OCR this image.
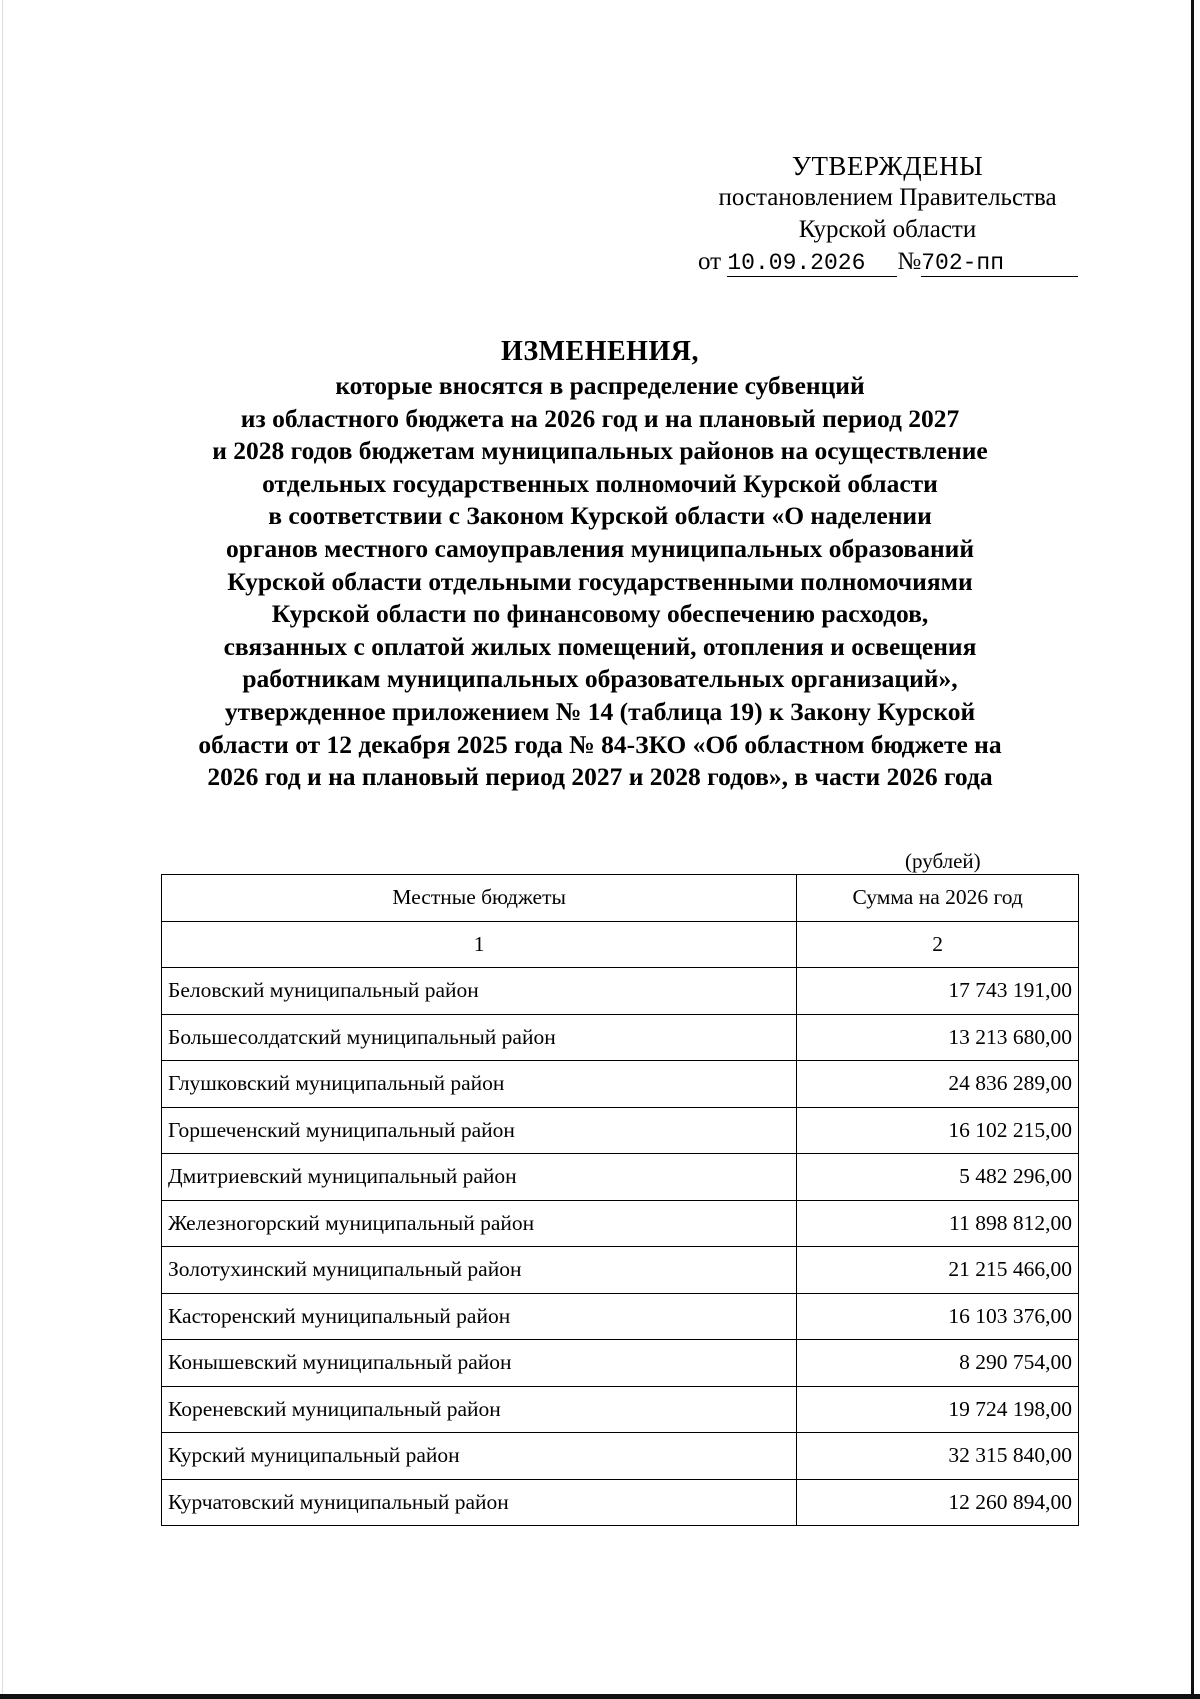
УТВЕРЖДЕНЫ
постановлением Правительства
Курской области
от 10.09.2026 №702-пп
ИЗМЕНЕНИЯ,
которые вносятся в распределение субвенций
из областного бюджета на 2026 год и на плановый период 2027
и 2028 годов бюджетам муниципальных районов на осуществление
отдельных государственных полномочий Курской области
в соответствии с Законом Курской области «О наделении
органов местного самоуправления муниципальных образований
Курской области отдельными государственными полномочиями
Курской области по финансовому обеспечению расходов,
связанных с оплатой жилых помещений, отопления и освещения
работникам муниципальных образовательных организаций»,
утвержденное приложением № 14 (таблица 19) к Закону Курской
области от 12 декабря 2025 года № 84-ЗКО «Об областном бюджете на
2026 год и на плановый период 2027 и 2028 годов», в части 2026 года
(рублей)
Местные бюджеты	Сумма на 2026 год
1	2
Беловский муниципальный район	17 743 191,00
Большесолдатский муниципальный район	13 213 680,00
Глушковский муниципальный район	24 836 289,00
Горшеченский муниципальный район	16 102 215,00
Дмитриевский муниципальный район	5 482 296,00
Железногорский муниципальный район	11 898 812,00
Золотухинский муниципальный район	21 215 466,00
Касторенский муниципальный район	16 103 376,00
Конышевский муниципальный район	8 290 754,00
Кореневский муниципальный район	19 724 198,00
Курский муниципальный район	32 315 840,00
Курчатовский муниципальный район	12 260 894,00
